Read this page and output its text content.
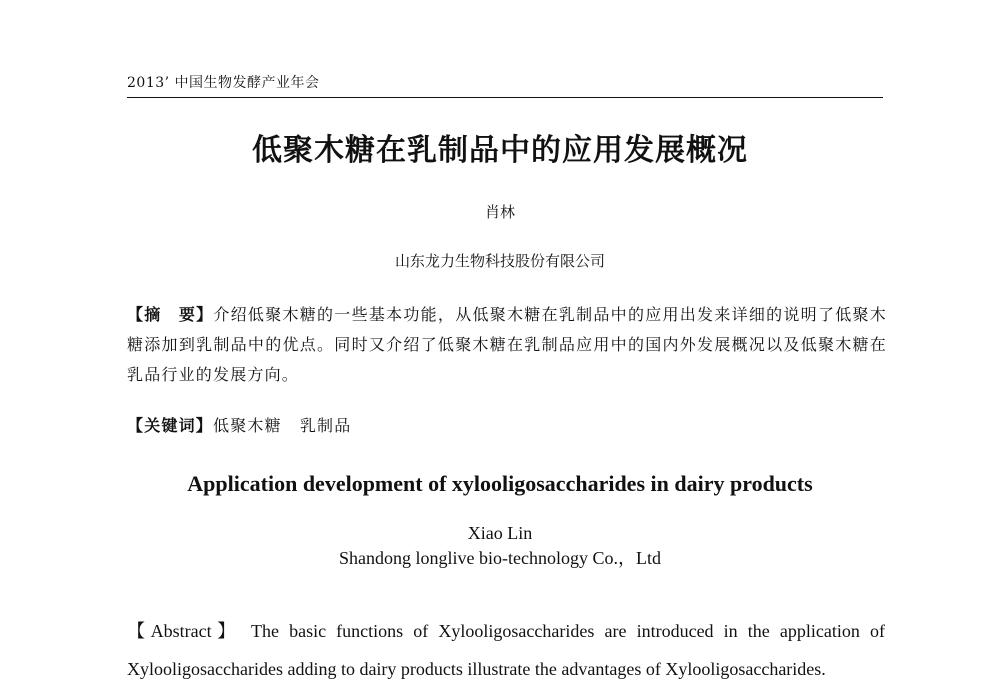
2013’ 中国生物发酵产业年会
低聚木糖在乳制品中的应用发展概况
肖林
山东龙力生物科技股份有限公司
【摘　要】介绍低聚木糖的一些基本功能，从低聚木糖在乳制品中的应用出发来详细的说明了低聚木糖添加到乳制品中的优点。同时又介绍了低聚木糖在乳制品应用中的国内外发展概况以及低聚木糖在乳品行业的发展方向。
【关键词】低聚木糖 乳制品
Application development of xylooligosaccharides in dairy products
Xiao Lin
Shandong longlive bio-technology Co.，Ltd
【Abstract】 The basic functions of Xylooligosaccharides are introduced in the application of Xylooligosaccharides adding to dairy products illustrate the advantages of Xylooligosaccharides.
